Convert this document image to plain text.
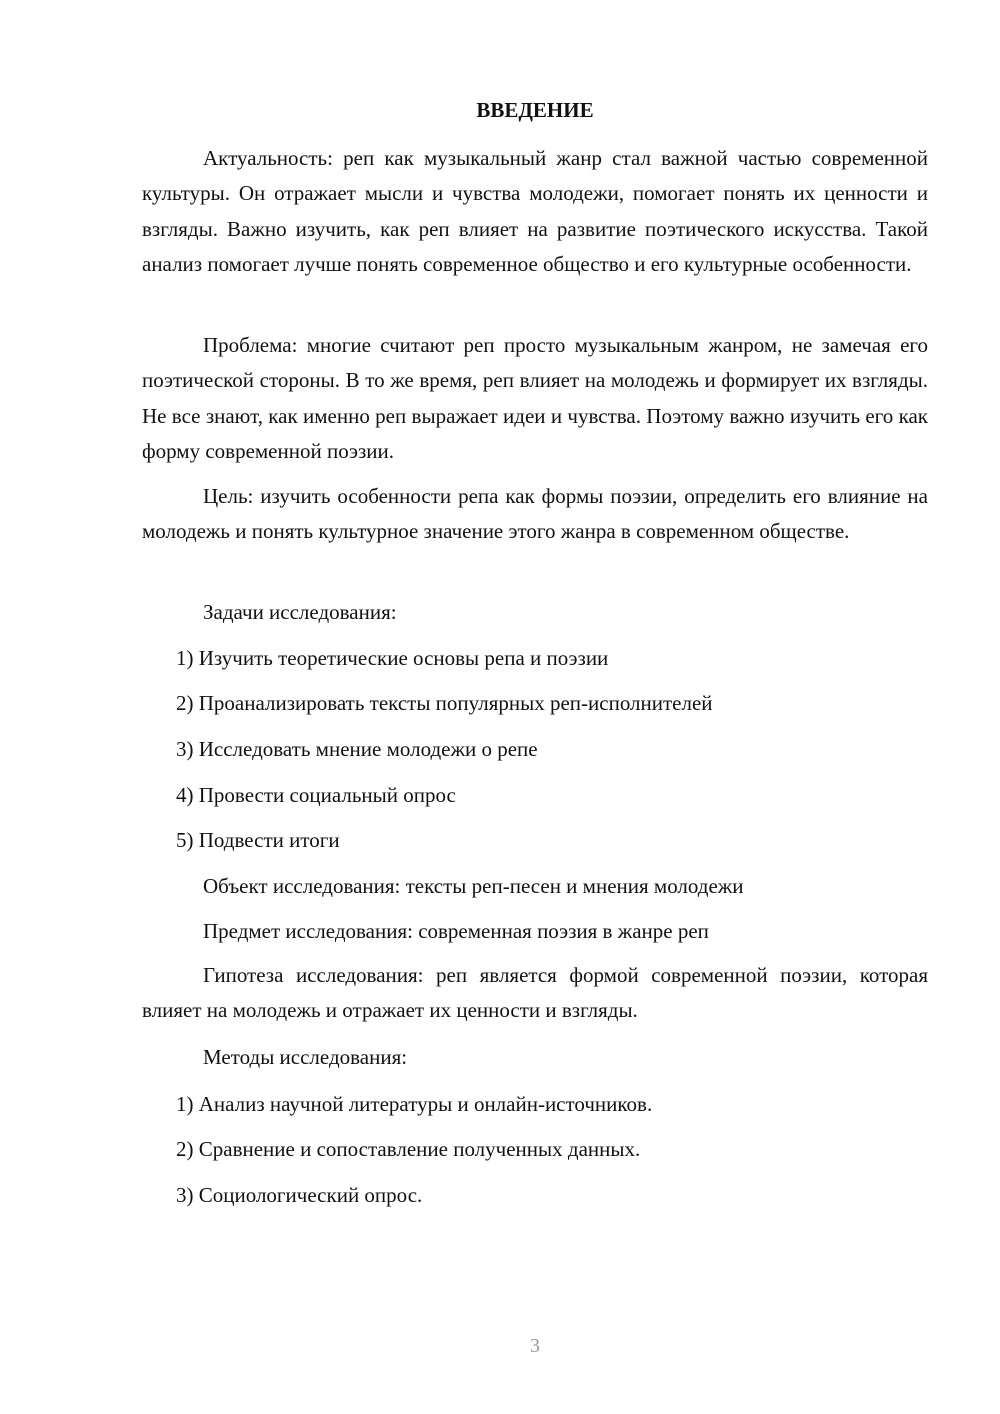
ВВЕДЕНИЕ

Актуальность: реп как музыкальный жанр стал важной частью современной культуры. Он отражает мысли и чувства молодежи, помогает понять их ценности и взгляды. Важно изучить, как реп влияет на развитие поэтического искусства. Такой анализ помогает лучше понять современное общество и его культурные особенности.

Проблема: многие считают реп просто музыкальным жанром, не замечая его поэтической стороны. В то же время, реп влияет на молодежь и формирует их взгляды. Не все знают, как именно реп выражает идеи и чувства. Поэтому важно изучить его как форму современной поэзии.

Цель: изучить особенности репа как формы поэзии, определить его влияние на молодежь и понять культурное значение этого жанра в современном обществе.

Задачи исследования:

1) Изучить теоретические основы репа и поэзии

2) Проанализировать тексты популярных реп-исполнителей

3) Исследовать мнение молодежи о репе

4) Провести социальный опрос

5) Подвести итоги

Объект исследования: тексты реп-песен и мнения молодежи

Предмет исследования: современная поэзия в жанре реп

Гипотеза исследования: реп является формой современной поэзии, которая влияет на молодежь и отражает их ценности и взгляды.

Методы исследования:

1) Анализ научной литературы и онлайн-источников.

2) Сравнение и сопоставление полученных данных.

3) Социологический опрос.

3
